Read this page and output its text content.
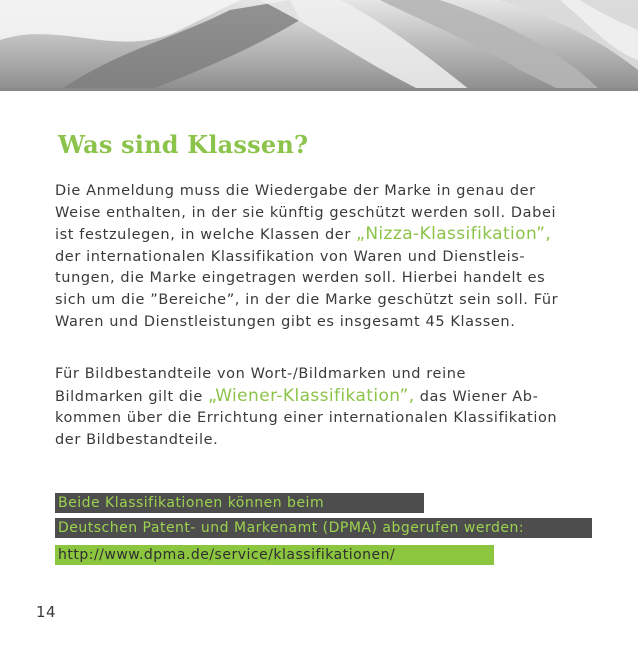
Was sind Klassen?
Die Anmeldung muss die Wiedergabe der Marke in genau der
Weise enthalten, in der sie künftig geschützt werden soll. Dabei
ist festzulegen, in welche Klassen der „Nizza-Klassifikation”,
der internationalen Klassifikation von Waren und Dienstleis-
tungen, die Marke eingetragen werden soll. Hierbei handelt es
sich um die ”Bereiche”, in der die Marke geschützt sein soll. Für
Waren und Dienstleistungen gibt es insgesamt 45 Klassen.
Für Bildbestandteile von Wort-/Bildmarken und reine
Bildmarken gilt die „Wiener-Klassifikation”, das Wiener Ab-
kommen über die Errichtung einer internationalen Klassifikation
der Bildbestandteile.
Beide Klassifikationen können beim
Deutschen Patent- und Markenamt (DPMA) abgerufen werden:
http://www.dpma.de/service/klassifikationen/
14
